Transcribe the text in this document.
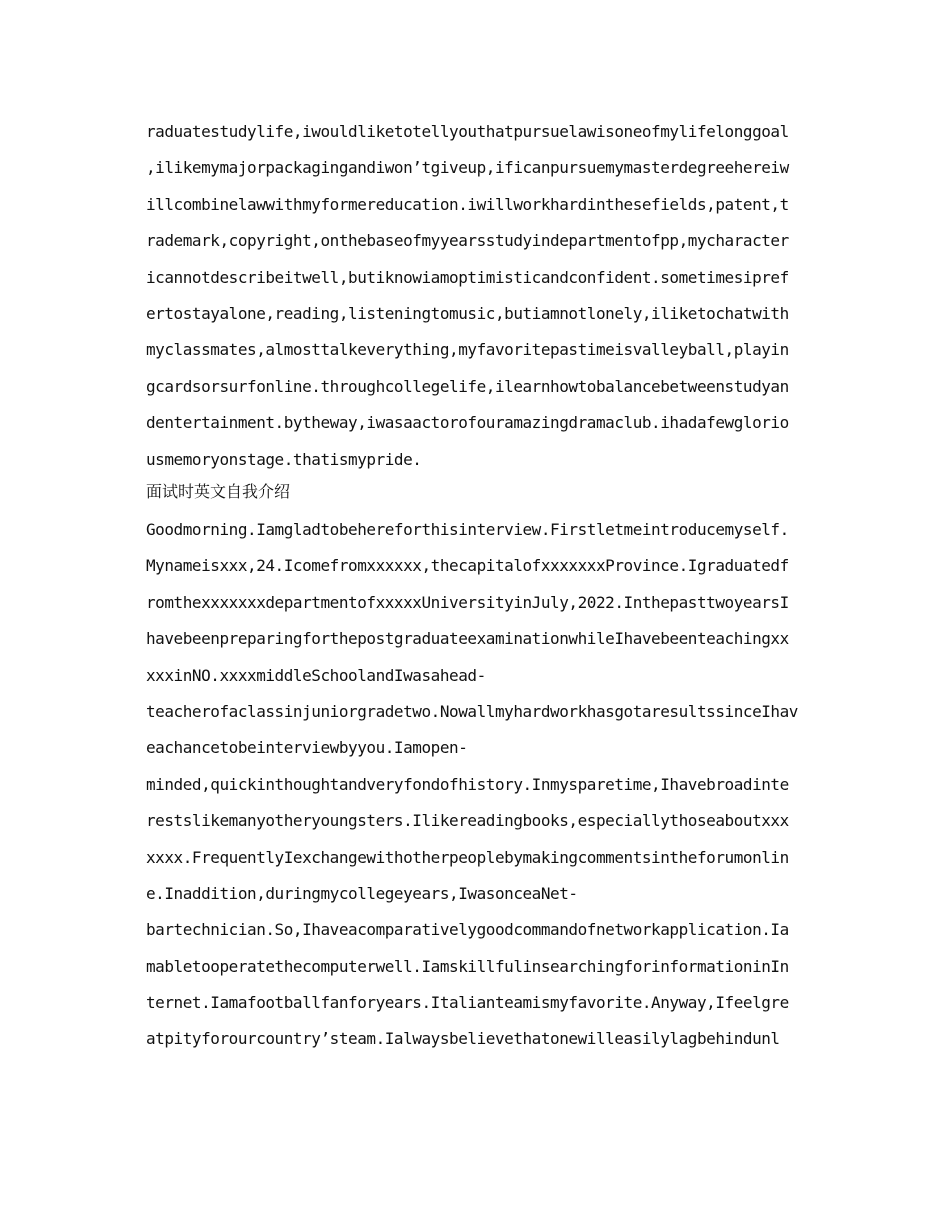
raduatestudylife,iwouldliketotellyouthatpursuelawisoneofmylifelonggoal
,ilikemymajorpackagingandiwon’tgiveup,ificanpursuemymasterdegreehereiw
illcombinelawwithmyformereducation.iwillworkhardinthesefields,patent,t
rademark,copyright,onthebaseofmyyearsstudyindepartmentofpp,mycharacter
icannotdescribeitwell,butiknowiamoptimisticandconfident.sometimesipref
ertostayalone,reading,listeningtomusic,butiamnotlonely,iliketochatwith
myclassmates,almosttalkeverything,myfavoritepastimeisvalleyball,playin
gcardsorsurfonline.throughcollegelife,ilearnhowtobalancebetweenstudyan
dentertainment.bytheway,iwasaactorofouramazingdramaclub.ihadafewglorio
usmemoryonstage.thatismypride.
面试时英文自我介绍
Goodmorning.Iamgladtobehereforthisinterview.Firstletmeintroducemyself.
Mynameisxxx,24.Icomefromxxxxxx,thecapitalofxxxxxxxProvince.Igraduatedf
romthexxxxxxxdepartmentofxxxxxUniversityinJuly,2022.InthepasttwoyearsI
havebeenpreparingforthepostgraduateexaminationwhileIhavebeenteachingxx
xxxinNO.xxxxmiddleSchoolandIwasahead-
teacherofaclassinjuniorgradetwo.NowallmyhardworkhasgotaresultssinceIhav
eachancetobeinterviewbyyou.Iamopen-
minded,quickinthoughtandveryfondofhistory.Inmysparetime,Ihavebroadinte
restslikemanyotheryoungsters.Ilikereadingbooks,especiallythoseaboutxxx
xxxx.FrequentlyIexchangewithotherpeoplebymakingcommentsintheforumonlin
e.Inaddition,duringmycollegeyears,IwasonceaNet-
bartechnician.So,Ihaveacomparativelygoodcommandofnetworkapplication.Ia
mabletooperatethecomputerwell.IamskillfulinsearchingforinformationinIn
ternet.Iamafootballfanforyears.Italianteamismyfavorite.Anyway,Ifeelgre
atpityforourcountry’steam.Ialwaysbelievethatonewilleasilylagbehindunl
